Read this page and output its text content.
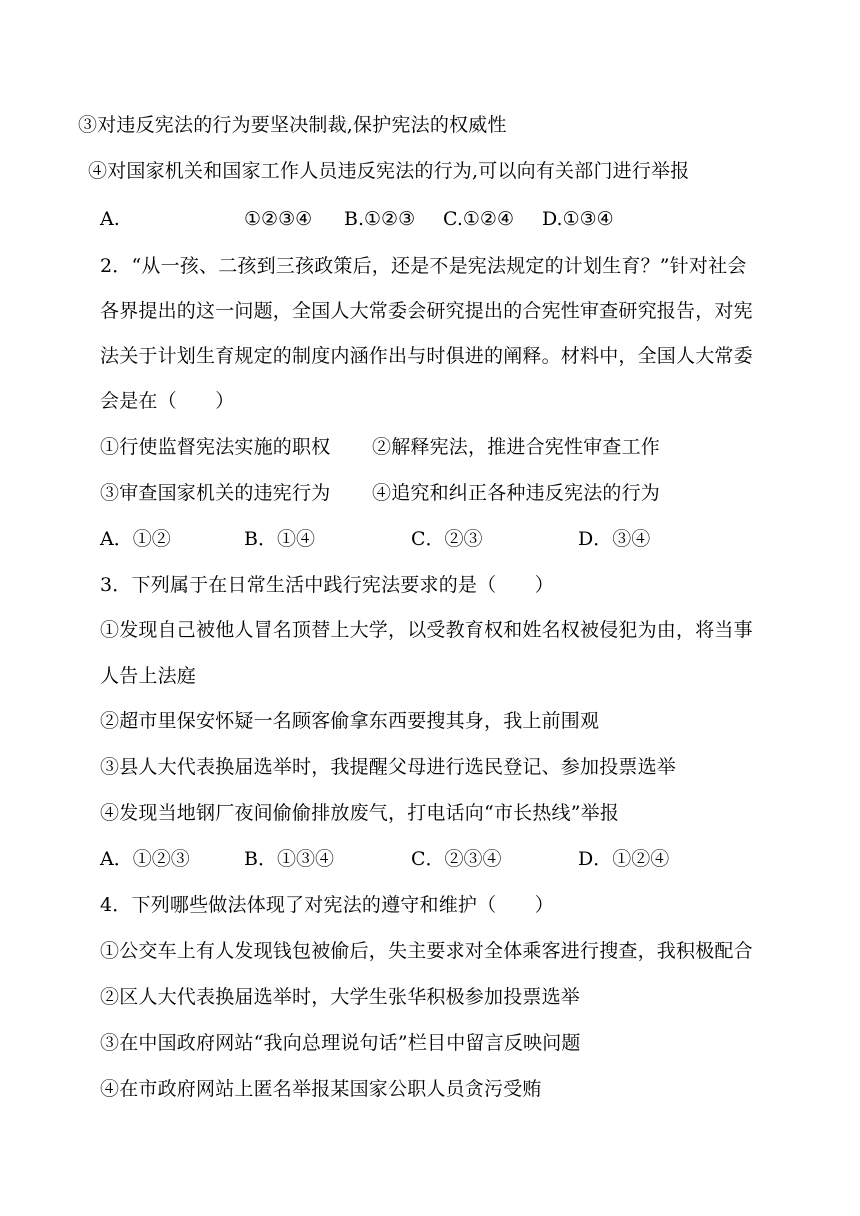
③对违反宪法的行为要坚决制裁,保护宪法的权威性
④对国家机关和国家工作人员违反宪法的行为,可以向有关部门进行举报
A.	①②③④ B.①②③ C.①②④ D.①③④
2．“从一孩、二孩到三孩政策后，还是不是宪法规定的计划生育？”针对社会
各界提出的这一问题，全国人大常委会研究提出的合宪性审查研究报告，对宪
法关于计划生育规定的制度内涵作出与时俱进的阐释。材料中，全国人大常委
会是在（　　）
①行使监督宪法实施的职权 ②解释宪法，推进合宪性审查工作
③审查国家机关的违宪行为 ④追究和纠正各种违反宪法的行为
A．①②	B．①④	C．②③	D．③④
3．下列属于在日常生活中践行宪法要求的是（　　）
①发现自己被他人冒名顶替上大学，以受教育权和姓名权被侵犯为由，将当事
人告上法庭
②超市里保安怀疑一名顾客偷拿东西要搜其身，我上前围观
③县人大代表换届选举时，我提醒父母进行选民登记、参加投票选举
④发现当地钢厂夜间偷偷排放废气，打电话向“市长热线”举报
A．①②③	B．①③④	C．②③④	D．①②④
4．下列哪些做法体现了对宪法的遵守和维护（　　）
①公交车上有人发现钱包被偷后，失主要求对全体乘客进行搜查，我积极配合
②区人大代表换届选举时，大学生张华积极参加投票选举
③在中国政府网站“我向总理说句话”栏目中留言反映问题
④在市政府网站上匿名举报某国家公职人员贪污受贿
